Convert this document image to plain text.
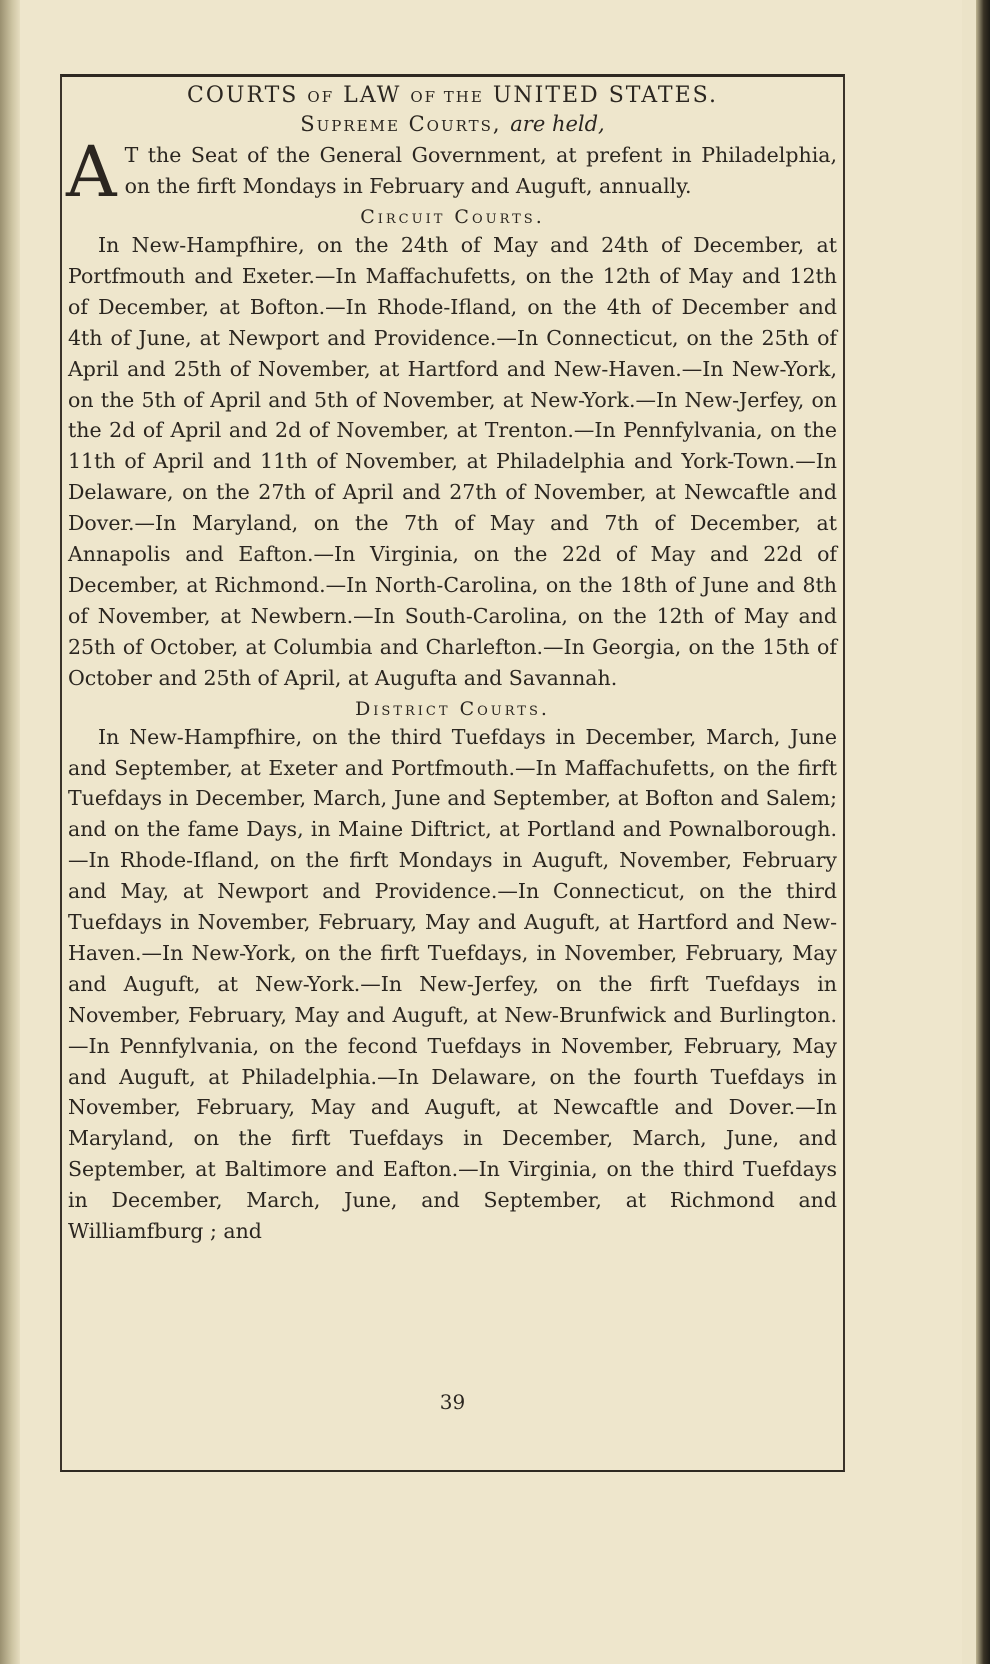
COURTS OF LAW OF THE UNITED STATES.
Supreme Courts, are held,

A T the Seat of the General Government, at prefent in Philadelphia, on the firft Mondays in February and Auguft, annually.

Circuit Courts.

In New-Hampfhire, on the 24th of May and 24th of December, at Portfmouth and Exeter.—In Maffachufetts, on the 12th of May and 12th of December, at Bofton.—In Rhode-Ifland, on the 4th of December and 4th of June, at Newport and Providence.—In Connecticut, on the 25th of April and 25th of November, at Hartford and New-Haven.—In New-York, on the 5th of April and 5th of November, at New-York.—In New-Jerfey, on the 2d of April and 2d of November, at Trenton.—In Pennfylvania, on the 11th of April and 11th of November, at Philadelphia and York-Town.—In Delaware, on the 27th of April and 27th of November, at Newcaftle and Dover.—In Maryland, on the 7th of May and 7th of December, at Annapolis and Eafton.—In Virginia, on the 22d of May and 22d of December, at Richmond.—In North-Carolina, on the 18th of June and 8th of November, at Newbern.—In South-Carolina, on the 12th of May and 25th of October, at Columbia and Charlefton.—In Georgia, on the 15th of October and 25th of April, at Augufta and Savannah.

District Courts.

In New-Hampfhire, on the third Tuefdays in December, March, June and September, at Exeter and Portfmouth.—In Maffachufetts, on the firft Tuefdays in December, March, June and September, at Bofton and Salem; and on the fame Days, in Maine Diftrict, at Portland and Pownalborough.—In Rhode-Ifland, on the firft Mondays in Auguft, November, February and May, at Newport and Providence.—In Connecticut, on the third Tuefdays in November, February, May and Auguft, at Hartford and New-Haven.—In New-York, on the firft Tuefdays, in November, February, May and Auguft, at New-York.—In New-Jerfey, on the firft Tuefdays in November, February, May and Auguft, at New-Brunfwick and Burlington.—In Pennfylvania, on the fecond Tuefdays in November, February, May and Auguft, at Philadelphia.—In Delaware, on the fourth Tuefdays in November, February, May and Auguft, at Newcaftle and Dover.—In Maryland, on the firft Tuefdays in December, March, June, and September, at Baltimore and Eafton.—In Virginia, on the third Tuefdays in December, March, June, and September, at Richmond and Williamfburg ; and

39
